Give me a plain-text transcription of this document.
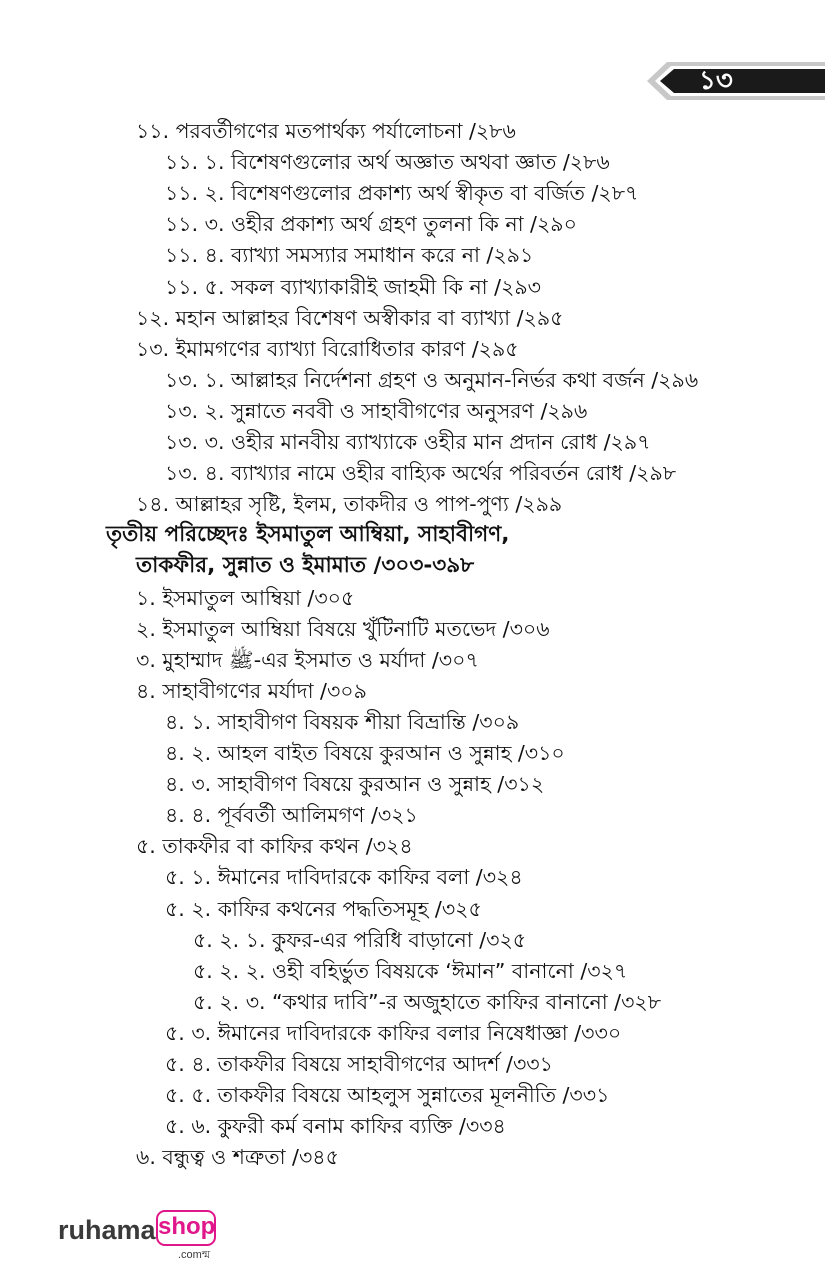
১৩
১১. পরবর্তীগণের মতপার্থক্য পর্যালোচনা /২৮৬
১১. ১. বিশেষণগুলোর অর্থ অজ্ঞাত অথবা জ্ঞাত /২৮৬
১১. ২. বিশেষণগুলোর প্রকাশ্য অর্থ স্বীকৃত বা বর্জিত /২৮৭
১১. ৩. ওহীর প্রকাশ্য অর্থ গ্রহণ তুলনা কি না /২৯০
১১. ৪. ব্যাখ্যা সমস্যার সমাধান করে না /২৯১
১১. ৫. সকল ব্যাখ্যাকারীই জাহমী কি না /২৯৩
১২. মহান আল্লাহর বিশেষণ অস্বীকার বা ব্যাখ্যা /২৯৫
১৩. ইমামগণের ব্যাখ্যা বিরোধিতার কারণ /২৯৫
১৩. ১. আল্লাহর নির্দেশনা গ্রহণ ও অনুমান-নির্ভর কথা বর্জন /২৯৬
১৩. ২. সুন্নাতে নববী ও সাহাবীগণের অনুসরণ /২৯৬
১৩. ৩. ওহীর মানবীয় ব্যাখ্যাকে ওহীর মান প্রদান রোধ /২৯৭
১৩. ৪. ব্যাখ্যার নামে ওহীর বাহ্যিক অর্থের পরিবর্তন রোধ /২৯৮
১৪. আল্লাহর সৃষ্টি, ইলম, তাকদীর ও পাপ-পুণ্য /২৯৯
তৃতীয় পরিচ্ছেদঃ ইসমাতুল আম্বিয়া, সাহাবীগণ,
তাকফীর, সুন্নাত ও ইমামাত /৩০৩-৩৯৮
১. ইসমাতুল আম্বিয়া /৩০৫
২. ইসমাতুল আম্বিয়া বিষয়ে খুঁটিনাটি মতভেদ /৩০৬
৩. মুহাম্মাদ ﷺ-এর ইসমাত ও মর্যাদা /৩০৭
৪. সাহাবীগণের মর্যাদা /৩০৯
৪. ১. সাহাবীগণ বিষয়ক শীয়া বিভ্রান্তি /৩০৯
৪. ২. আহল বাইত বিষয়ে কুরআন ও সুন্নাহ /৩১০
৪. ৩. সাহাবীগণ বিষয়ে কুরআন ও সুন্নাহ /৩১২
৪. ৪. পূর্ববর্তী আলিমগণ /৩২১
৫. তাকফীর বা কাফির কথন /৩২৪
৫. ১. ঈমানের দাবিদারকে কাফির বলা /৩২৪
৫. ২. কাফির কথনের পদ্ধতিসমূহ /৩২৫
৫. ২. ১. কুফর-এর পরিধি বাড়ানো /৩২৫
৫. ২. ২. ওহী বহির্ভুত বিষয়কে ‘ঈমান” বানানো /৩২৭
৫. ২. ৩. “কথার দাবি”-র অজুহাতে কাফির বানানো /৩২৮
৫. ৩. ঈমানের দাবিদারকে কাফির বলার নিষেধাজ্ঞা /৩৩০
৫. ৪. তাকফীর বিষয়ে সাহাবীগণের আদর্শ /৩৩১
৫. ৫. তাকফীর বিষয়ে আহলুস সুন্নাতের মূলনীতি /৩৩১
৫. ৬. কুফরী কর্ম বনাম কাফির ব্যক্তি /৩৩৪
৬. বন্ধুত্ব ও শত্রুতা /৩৪৫
ruhama shop
.comন্ম
